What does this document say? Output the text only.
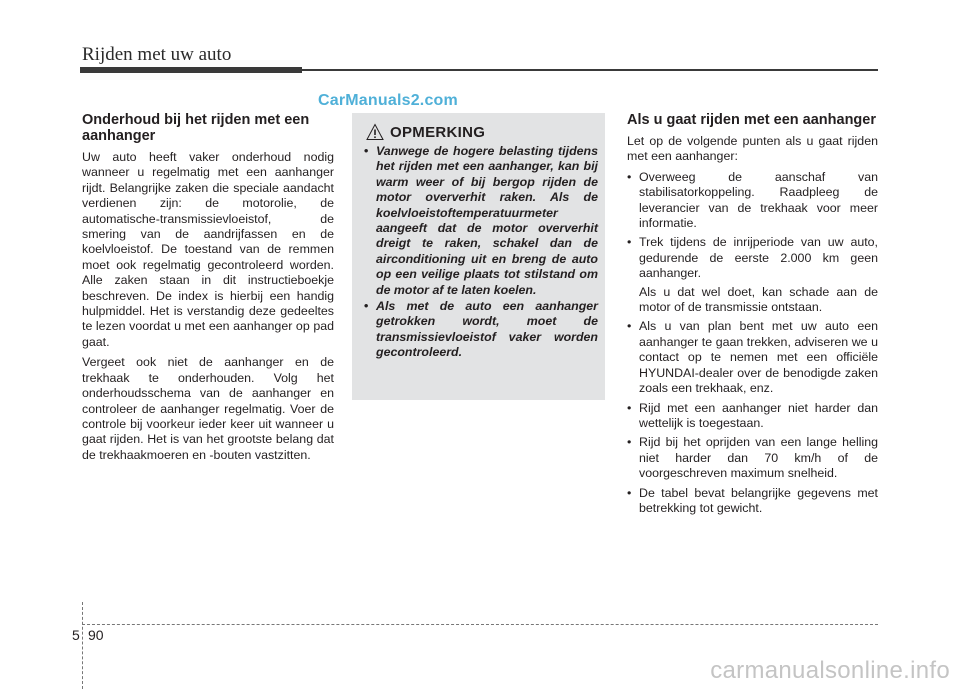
Rijden met uw auto
CarManuals2.com
Onderhoud bij het rijden met een aanhanger

Uw auto heeft vaker onderhoud nodig wanneer u regelmatig met een aanhanger rijdt. Belangrijke zaken die speciale aandacht verdienen zijn: de motorolie, de automatische-transmissievloeistof, de smering van de aandrijfassen en de koelvloeistof. De toestand van de remmen moet ook regelmatig gecontroleerd worden. Alle zaken staan in dit instructieboekje beschreven. De index is hierbij een handig hulpmiddel. Het is verstandig deze gedeeltes te lezen voordat u met een aanhanger op pad gaat.

Vergeet ook niet de aanhanger en de trekhaak te onderhouden. Volg het onderhoudsschema van de aanhanger en controleer de aanhanger regelmatig. Voer de controle bij voorkeur ieder keer uit wanneer u gaat rijden. Het is van het grootste belang dat de trekhaakmoeren en -bouten vastzitten.

OPMERKING
• Vanwege de hogere belasting tijdens het rijden met een aanhanger, kan bij warm weer of bij bergop rijden de motor oververhit raken. Als de koelvloeistoftemperatuurmeter aangeeft dat de motor oververhit dreigt te raken, schakel dan de airconditioning uit en breng de auto op een veilige plaats tot stilstand om de motor af te laten koelen.
• Als met de auto een aanhanger getrokken wordt, moet de transmissievloeistof vaker worden gecontroleerd.
Als u gaat rijden met een aanhanger

Let op de volgende punten als u gaat rijden met een aanhanger:

• Overweeg de aanschaf van stabilisatorkoppeling. Raadpleeg de leverancier van de trekhaak voor meer informatie.
• Trek tijdens de inrijperiode van uw auto, gedurende de eerste 2.000 km geen aanhanger.
Als u dat wel doet, kan schade aan de motor of de transmissie ontstaan.
• Als u van plan bent met uw auto een aanhanger te gaan trekken, adviseren we u contact op te nemen met een officiële HYUNDAI-dealer over de benodigde zaken zoals een trekhaak, enz.
• Rijd met een aanhanger niet harder dan wettelijk is toegestaan.
• Rijd bij het oprijden van een lange helling niet harder dan 70 km/h of de voorgeschreven maximum snelheid.
• De tabel bevat belangrijke gegevens met betrekking tot gewicht.
5 90
carmanualsonline.info
